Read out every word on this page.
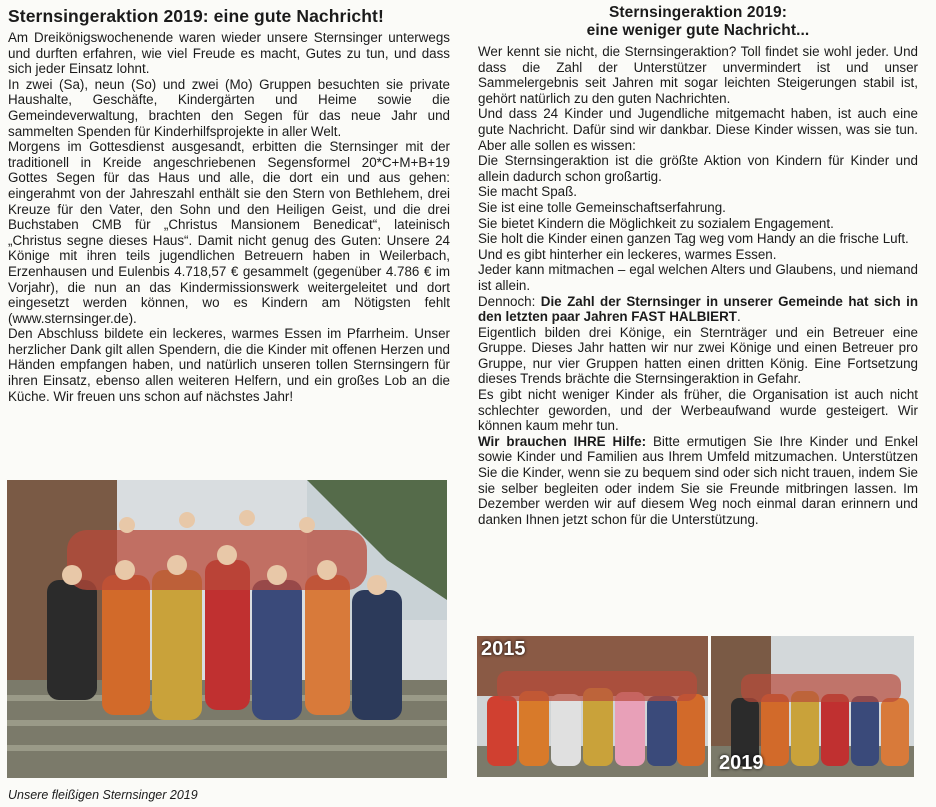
Sternsingeraktion 2019: eine gute Nachricht!

Am Dreikönigswochenende waren wieder unsere Sternsinger unterwegs und durften erfahren, wie viel Freude es macht, Gutes zu tun, und dass sich jeder Einsatz lohnt.

In zwei (Sa), neun (So) und zwei (Mo) Gruppen besuchten sie private Haushalte, Geschäfte, Kindergärten und Heime sowie die Gemeindeverwaltung, brachten den Segen für das neue Jahr und sammelten Spenden für Kinderhilfsprojekte in aller Welt.

Morgens im Gottesdienst ausgesandt, erbitten die Sternsinger mit der traditionell in Kreide angeschriebenen Segensformel 20*C+M+B+19 Gottes Segen für das Haus und alle, die dort ein und aus gehen: eingerahmt von der Jahreszahl enthält sie den Stern von Bethlehem, drei Kreuze für den Vater, den Sohn und den Heiligen Geist, und die drei Buchstaben CMB für „Christus Mansionem Benedicat“, lateinisch „Christus segne dieses Haus“. Damit nicht genug des Guten: Unsere 24 Könige mit ihren teils jugendlichen Betreuern haben in Weilerbach, Erzenhausen und Eulenbis 4.718,57 € gesammelt (gegenüber 4.786 € im Vorjahr), die nun an das Kindermissionswerk weitergeleitet und dort eingesetzt werden können, wo es Kindern am Nötigsten fehlt (www.sternsinger.de).

Den Abschluss bildete ein leckeres, warmes Essen im Pfarrheim. Unser herzlicher Dank gilt allen Spendern, die die Kinder mit offenen Herzen und Händen empfangen haben, und natürlich unseren tollen Sternsingern für ihren Einsatz, ebenso allen weiteren Helfern, und ein großes Lob an die Küche. Wir freuen uns schon auf nächstes Jahr!

Unsere fleißigen Sternsinger 2019
Sternsingeraktion 2019:
eine weniger gute Nachricht...

Wer kennt sie nicht, die Sternsingeraktion? Toll findet sie wohl jeder. Und dass die Zahl der Unterstützer unvermindert ist und unser Sammelergebnis seit Jahren mit sogar leichten Steigerungen stabil ist, gehört natürlich zu den guten Nachrichten.

Und dass 24 Kinder und Jugendliche mitgemacht haben, ist auch eine gute Nachricht. Dafür sind wir dankbar. Diese Kinder wissen, was sie tun. Aber alle sollen es wissen:

Die Sternsingeraktion ist die größte Aktion von Kindern für Kinder und allein dadurch schon großartig.

Sie macht Spaß.

Sie ist eine tolle Gemeinschaftserfahrung.

Sie bietet Kindern die Möglichkeit zu sozialem Engagement.

Sie holt die Kinder einen ganzen Tag weg vom Handy an die frische Luft.

Und es gibt hinterher ein leckeres, warmes Essen.

Jeder kann mitmachen – egal welchen Alters und Glaubens, und niemand ist allein.

Dennoch: Die Zahl der Sternsinger in unserer Gemeinde hat sich in den letzten paar Jahren FAST HALBIERT.

Eigentlich bilden drei Könige, ein Sternträger und ein Betreuer eine Gruppe. Dieses Jahr hatten wir nur zwei Könige und einen Betreuer pro Gruppe, nur vier Gruppen hatten einen dritten König. Eine Fortsetzung dieses Trends brächte die Sternsingeraktion in Gefahr.

Es gibt nicht weniger Kinder als früher, die Organisation ist auch nicht schlechter geworden, und der Werbeaufwand wurde gesteigert. Wir können kaum mehr tun.

Wir brauchen IHRE Hilfe: Bitte ermutigen Sie Ihre Kinder und Enkel sowie Kinder und Familien aus Ihrem Umfeld mitzumachen. Unterstützen Sie die Kinder, wenn sie zu bequem sind oder sich nicht trauen, indem Sie sie selber begleiten oder indem Sie sie Freunde mitbringen lassen. Im Dezember werden wir auf diesem Weg noch einmal daran erinnern und danken Ihnen jetzt schon für die Unterstützung.

2015
2019
